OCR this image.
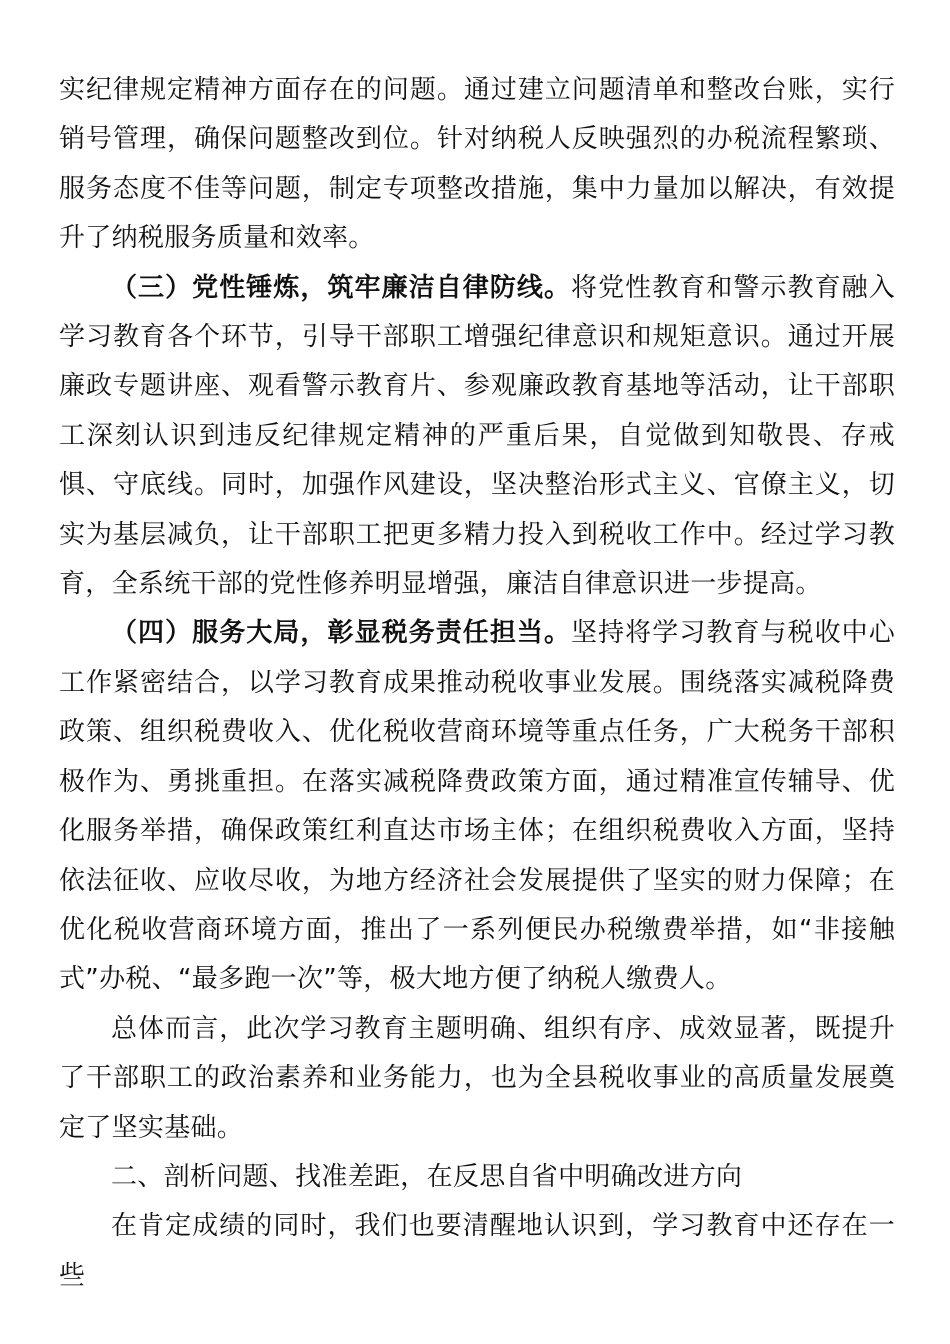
实纪律规定精神方面存在的问题。通过建立问题清单和整改台账，实行销号管理，确保问题整改到位。针对纳税人反映强烈的办税流程繁琐、服务态度不佳等问题，制定专项整改措施，集中力量加以解决，有效提升了纳税服务质量和效率。

（三）党性锤炼，筑牢廉洁自律防线。将党性教育和警示教育融入学习教育各个环节，引导干部职工增强纪律意识和规矩意识。通过开展廉政专题讲座、观看警示教育片、参观廉政教育基地等活动，让干部职工深刻认识到违反纪律规定精神的严重后果，自觉做到知敬畏、存戒惧、守底线。同时，加强作风建设，坚决整治形式主义、官僚主义，切实为基层减负，让干部职工把更多精力投入到税收工作中。经过学习教育，全系统干部的党性修养明显增强，廉洁自律意识进一步提高。

（四）服务大局，彰显税务责任担当。坚持将学习教育与税收中心工作紧密结合，以学习教育成果推动税收事业发展。围绕落实减税降费政策、组织税费收入、优化税收营商环境等重点任务，广大税务干部积极作为、勇挑重担。在落实减税降费政策方面，通过精准宣传辅导、优化服务举措，确保政策红利直达市场主体；在组织税费收入方面，坚持依法征收、应收尽收，为地方经济社会发展提供了坚实的财力保障；在优化税收营商环境方面，推出了一系列便民办税缴费举措，如“非接触式”办税、“最多跑一次”等，极大地方便了纳税人缴费人。

总体而言，此次学习教育主题明确、组织有序、成效显著，既提升了干部职工的政治素养和业务能力，也为全县税收事业的高质量发展奠定了坚实基础。

二、剖析问题、找准差距，在反思自省中明确改进方向

在肯定成绩的同时，我们也要清醒地认识到，学习教育中还存在一些
